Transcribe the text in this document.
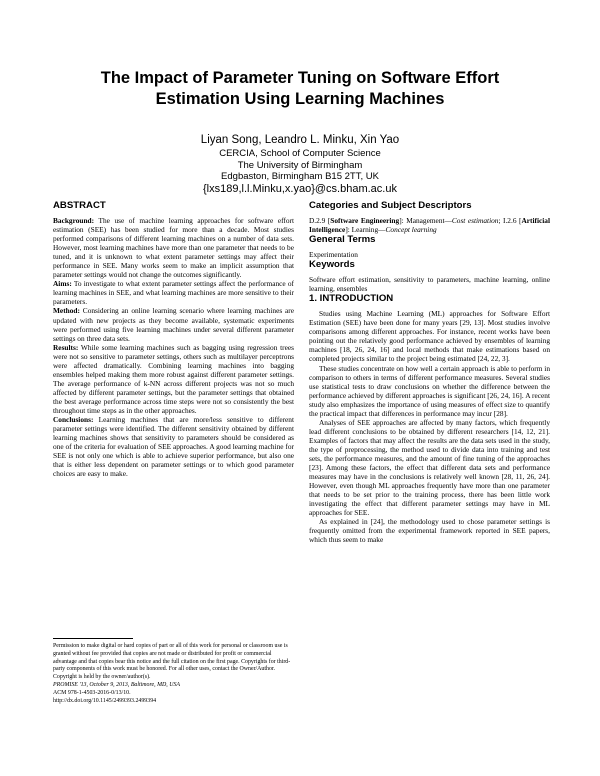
The Impact of Parameter Tuning on Software Effort
Estimation Using Learning Machines
Liyan Song, Leandro L. Minku, Xin Yao
CERCIA, School of Computer Science
The University of Birmingham
Edgbaston, Birmingham B15 2TT, UK
{lxs189,l.l.Minku,x.yao}@cs.bham.ac.uk
ABSTRACT

Background: The use of machine learning approaches for software effort estimation (SEE) has been studied for more than a decade. Most studies performed comparisons of different learning machines on a number of data sets. However, most learning machines have more than one parameter that needs to be tuned, and it is unknown to what extent parameter settings may affect their performance in SEE. Many works seem to make an implicit assumption that parameter settings would not change the outcomes significantly.

Aims: To investigate to what extent parameter settings affect the performance of learning machines in SEE, and what learning machines are more sensitive to their parameters.

Method: Considering an online learning scenario where learning machines are updated with new projects as they become available, systematic experiments were performed using five learning machines under several different parameter settings on three data sets.

Results: While some learning machines such as bagging using regression trees were not so sensitive to parameter settings, others such as multilayer perceptrons were affected dramatically. Combining learning machines into bagging ensembles helped making them more robust against different parameter settings. The average performance of k-NN across different projects was not so much affected by different parameter settings, but the parameter settings that obtained the best average performance across time steps were not so consistently the best throughout time steps as in the other approaches.

Conclusions: Learning machines that are more/less sensitive to different parameter settings were identified. The different sensitivity obtained by different learning machines shows that sensitivity to parameters should be considered as one of the criteria for evaluation of SEE approaches. A good learning machine for SEE is not only one which is able to achieve superior performance, but also one that is either less dependent on parameter settings or to which good parameter choices are easy to make.

Permission to make digital or hard copies of part or all of this work for personal or classroom use is granted without fee provided that copies are not made or distributed for profit or commercial advantage and that copies bear this notice and the full citation on the first page. Copyrights for third-party components of this work must be honored. For all other uses, contact the Owner/Author.
Copyright is held by the owner/author(s).
PROMISE '13, October 9, 2013, Baltimore, MD, USA
ACM 978-1-4503-2016-0/13/10.
http://dx.doi.org/10.1145/2499393.2499394
Categories and Subject Descriptors

D.2.9 [Software Engineering]: Management—Cost estimation; I.2.6 [Artificial Intelligence]: Learning—Concept learning

General Terms

Experimentation

Keywords

Software effort estimation, sensitivity to parameters, machine learning, online learning, ensembles

1. INTRODUCTION

Studies using Machine Learning (ML) approaches for Software Effort Estimation (SEE) have been done for many years [29, 13]. Most studies involve comparisons among different approaches. For instance, recent works have been pointing out the relatively good performance achieved by ensembles of learning machines [18, 26, 24, 16] and local methods that make estimations based on completed projects similar to the project being estimated [24, 22, 3].

These studies concentrate on how well a certain approach is able to perform in comparison to others in terms of different performance measures. Several studies use statistical tests to draw conclusions on whether the difference between the performance achieved by different approaches is significant [26, 24, 16]. A recent study also emphasizes the importance of using measures of effect size to quantify the practical impact that differences in performance may incur [28].

Analyses of SEE approaches are affected by many factors, which frequently lead different conclusions to be obtained by different researchers [14, 12, 21]. Examples of factors that may affect the results are the data sets used in the study, the type of preprocessing, the method used to divide data into training and test sets, the performance measures, and the amount of fine tuning of the approaches [23]. Among these factors, the effect that different data sets and performance measures may have in the conclusions is relatively well known [28, 11, 26, 24]. However, even though ML approaches frequently have more than one parameter that needs to be set prior to the training process, there has been little work investigating the effect that different parameter settings may have in ML approaches for SEE.

As explained in [24], the methodology used to chose parameter settings is frequently omitted from the experimental framework reported in SEE papers, which thus seem to make
